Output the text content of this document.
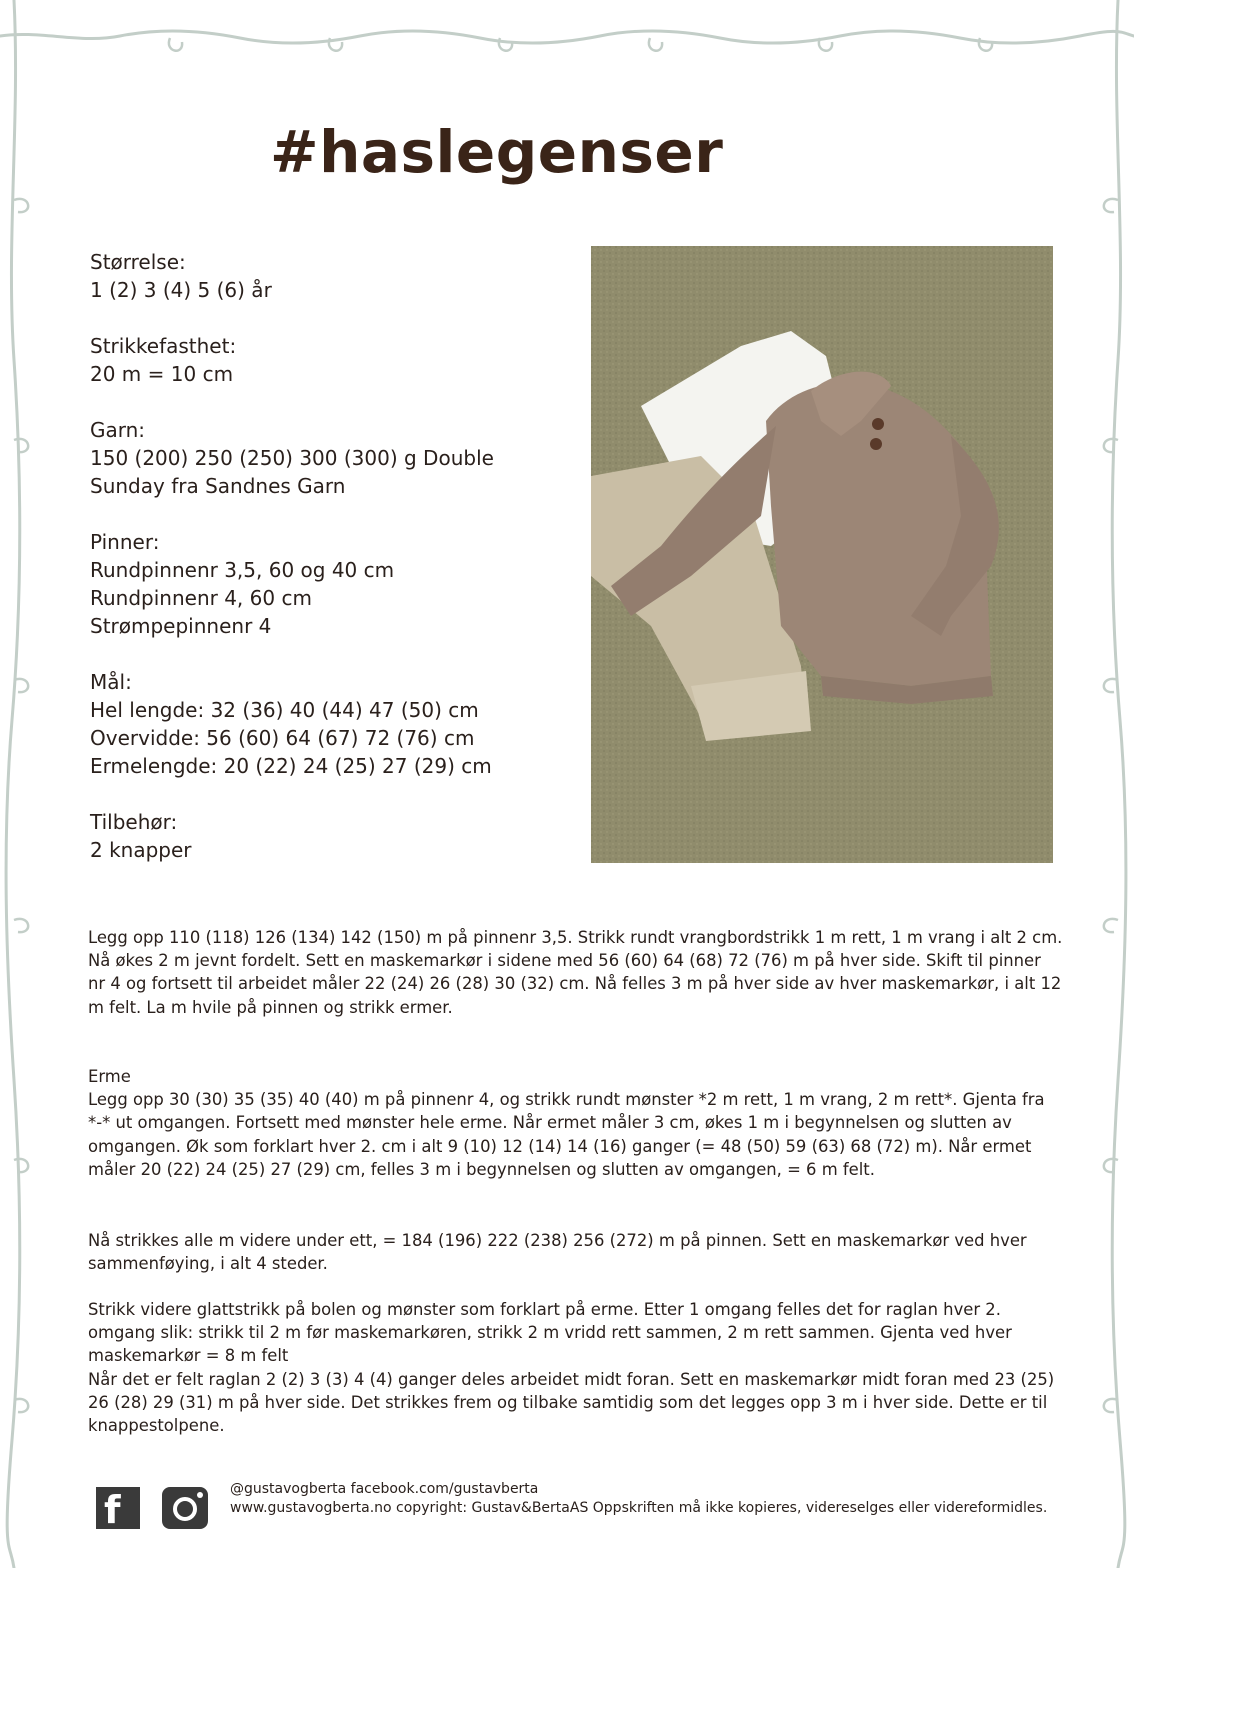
#haslegenser
Størrelse:
1 (2) 3 (4) 5 (6) år
Strikkefasthet:
20 m = 10 cm
Garn:
150 (200) 250 (250) 300 (300) g Double
Sunday fra Sandnes Garn
Pinner:
Rundpinnenr 3,5, 60 og 40 cm
Rundpinnenr 4, 60 cm
Strømpepinnenr 4
Mål:
Hel lengde: 32 (36) 40 (44) 47 (50) cm
Overvidde: 56 (60) 64 (67) 72 (76) cm
Ermelengde: 20 (22) 24 (25) 27 (29) cm
Tilbehør:
2 knapper
Legg opp 110 (118) 126 (134) 142 (150) m på pinnenr 3,5. Strikk rundt vrangbordstrikk 1 m rett, 1 m vrang i alt 2 cm. Nå økes 2 m jevnt fordelt. Sett en maskemarkør i sidene med 56 (60) 64 (68) 72 (76) m på hver side. Skift til pinner nr 4 og fortsett til arbeidet måler 22 (24) 26 (28) 30 (32) cm. Nå felles 3 m på hver side av hver maskemarkør, i alt 12 m felt. La m hvile på pinnen og strikk ermer.
Erme
Legg opp 30 (30) 35 (35) 40 (40) m på pinnenr 4, og strikk rundt mønster *2 m rett, 1 m vrang, 2 m rett*. Gjenta fra *-* ut omgangen. Fortsett med mønster hele erme. Når ermet måler 3 cm, økes 1 m i begynnelsen og slutten av omgangen. Øk som forklart hver 2. cm i alt 9 (10) 12 (14) 14 (16) ganger (= 48 (50) 59 (63) 68 (72) m). Når ermet måler 20 (22) 24 (25) 27 (29) cm, felles 3 m i begynnelsen og slutten av omgangen, = 6 m felt.
Nå strikkes alle m videre under ett, = 184 (196) 222 (238) 256 (272) m på pinnen. Sett en maskemarkør ved hver sammenføying, i alt 4 steder.
Strikk videre glattstrikk på bolen og mønster som forklart på erme. Etter 1 omgang felles det for raglan hver 2. omgang slik: strikk til 2 m før maskemarkøren, strikk 2 m vridd rett sammen, 2 m rett sammen. Gjenta ved hver maskemarkør = 8 m felt
Når det er felt raglan 2 (2) 3 (3) 4 (4) ganger deles arbeidet midt foran. Sett en maskemarkør midt foran med 23 (25) 26 (28) 29 (31) m på hver side. Det strikkes frem og tilbake samtidig som det legges opp 3 m i hver side. Dette er til knappestolpene.
f	@gustavogberta facebook.com/gustavberta
www.gustavogberta.no copyright: Gustav&BertaAS Oppskriften må ikke kopieres, videreselges eller videreformidles.
